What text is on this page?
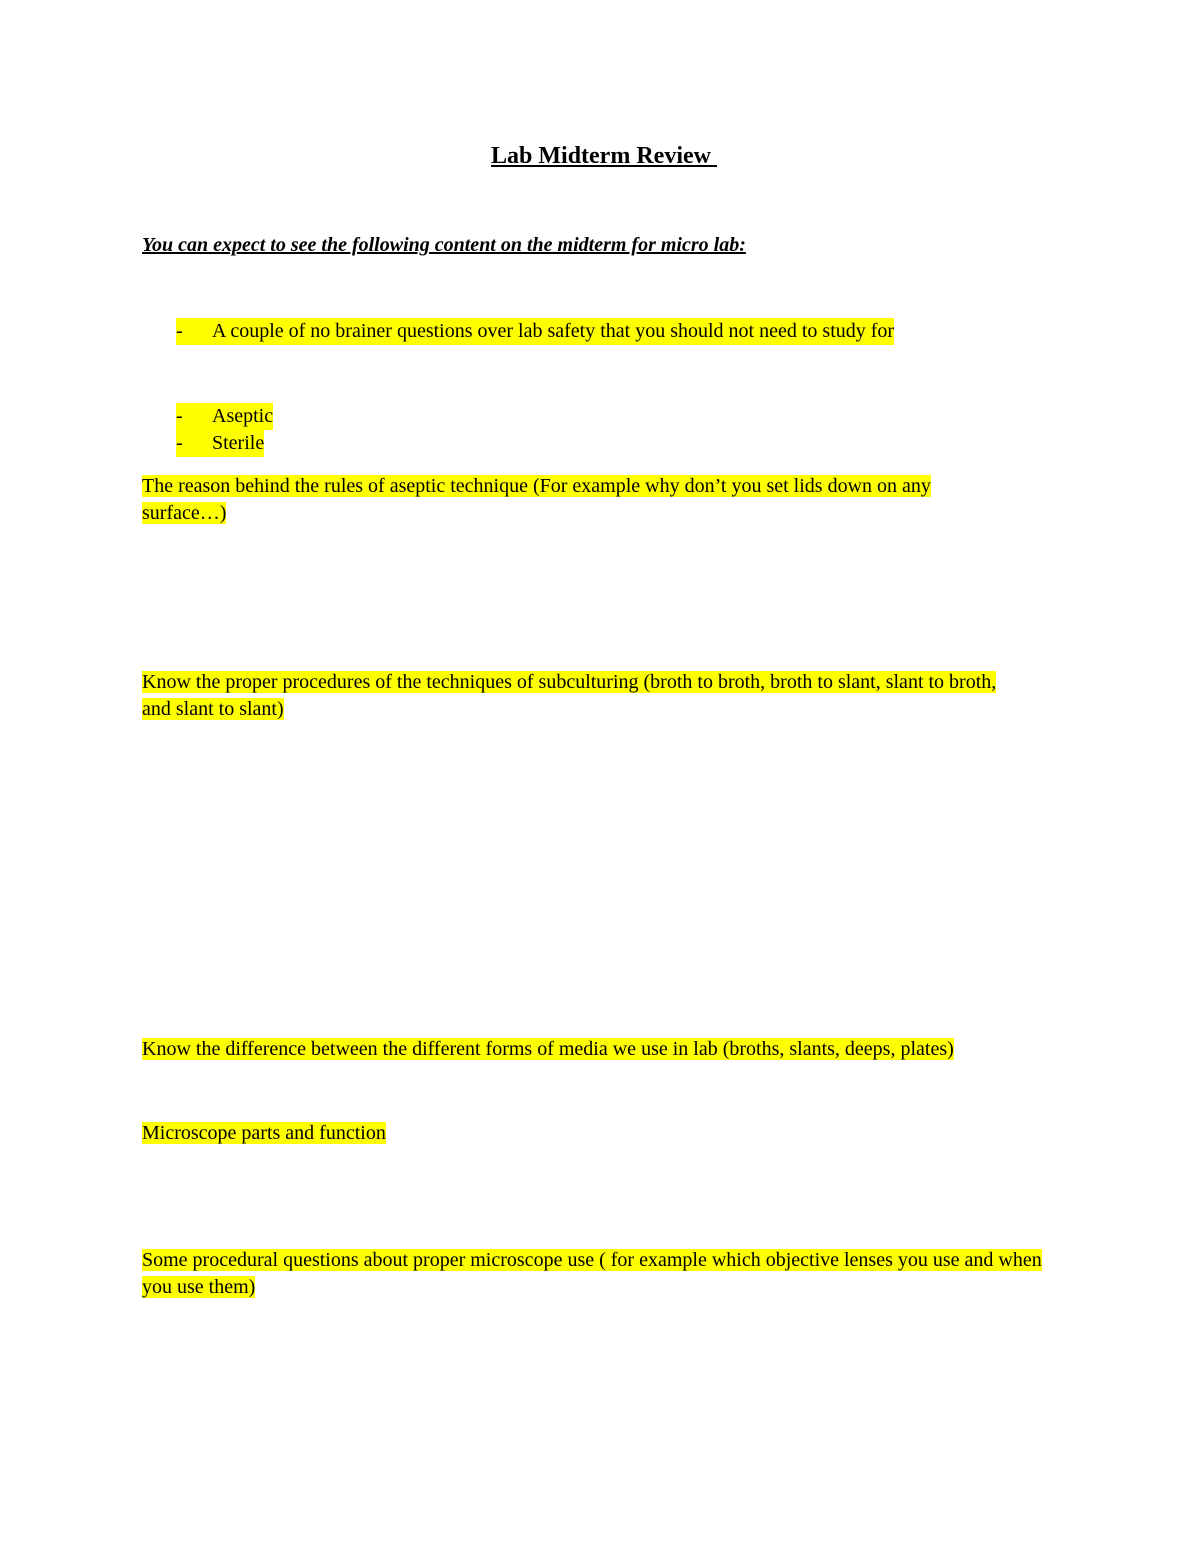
Lab Midterm Review
You can expect to see the following content on the midterm for micro lab:
- A couple of no brainer questions over lab safety that you should not need to study for
- Aseptic
- Sterile
The reason behind the rules of aseptic technique (For example why don’t you set lids down on any surface…)
Know the proper procedures of the techniques of subculturing (broth to broth, broth to slant, slant to broth, and slant to slant)
Know the difference between the different forms of media we use in lab (broths, slants, deeps, plates)
Microscope parts and function
Some procedural questions about proper microscope use ( for example which objective lenses you use and when you use them)
